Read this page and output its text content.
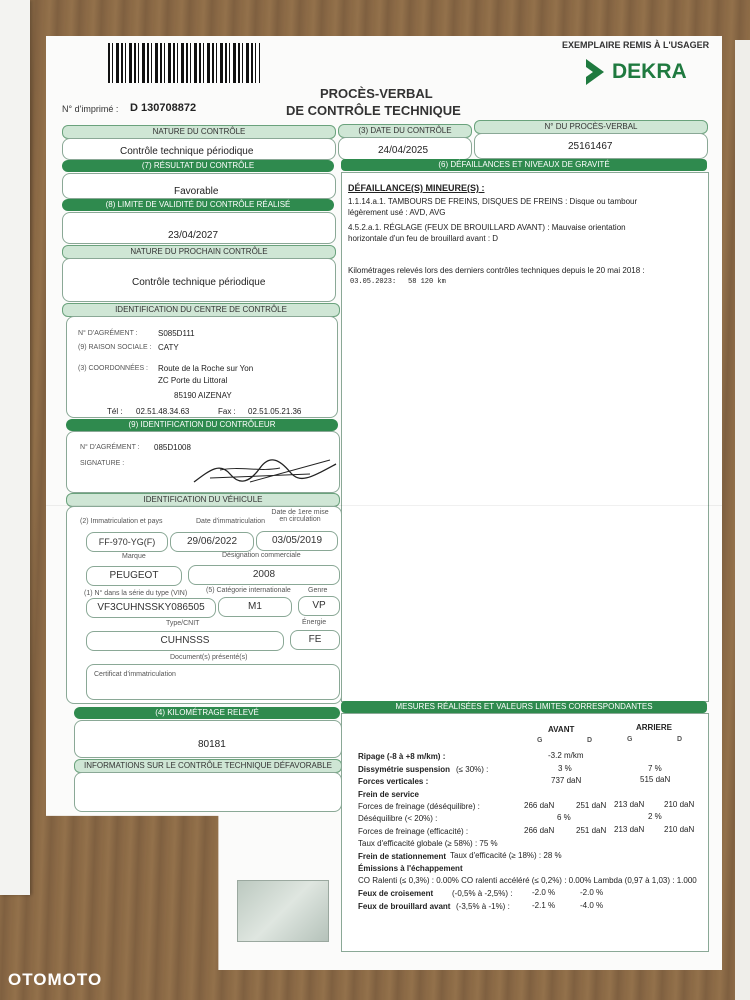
EXEMPLAIRE REMIS À L'USAGER
DEKRA
PROCÈS-VERBAL
DE CONTRÔLE TECHNIQUE
N° d'imprimé : D 130708872
NATURE DU CONTRÔLE
Contrôle technique périodique
(3) DATE DU CONTRÔLE
24/04/2025
N° DU PROCÈS-VERBAL
25161467
(7) RÉSULTAT DU CONTRÔLE
Favorable
(8) LIMITE DE VALIDITÉ DU CONTRÔLE RÉALISÉ
23/04/2027
NATURE DU PROCHAIN CONTRÔLE
Contrôle technique périodique
IDENTIFICATION DU CENTRE DE CONTRÔLE
N° D'AGRÉMENT :	S085D111
(9) RAISON SOCIALE : CATY
(3) COORDONNÉES : Route de la Roche sur Yon
ZC Porte du Littoral
85190 AIZENAY
Tél : 02.51.48.34.63	Fax : 02.51.05.21.36
(9) IDENTIFICATION DU CONTRÔLEUR
N° D'AGRÉMENT : 085D1008
SIGNATURE :
IDENTIFICATION DU VÉHICULE
(2) Immatriculation et pays	Date d'immatriculation
Date de 1ere mise en circulation
FF-970-YG(F)	29/06/2022	03/05/2019
Marque	Désignation commerciale
PEUGEOT	2008
(1) N° dans la série du type (VIN)	(5) Catégorie internationale Genre
VF3CUHNSSKY086505	M1	VP
Type/CNIT	Énergie
CUHNSSS	FE
Document(s) présenté(s)
Certificat d'immatriculation
(4) KILOMÉTRAGE RELEVÉ
80181
INFORMATIONS SUR LE CONTRÔLE TECHNIQUE DÉFAVORABLE
(6) DÉFAILLANCES ET NIVEAUX DE GRAVITÉ
DÉFAILLANCE(S) MINEURE(S) :
1.1.14.a.1. TAMBOURS DE FREINS, DISQUES DE FREINS : Disque ou tambour
légèrement usé : AVD, AVG
4.5.2.a.1. RÉGLAGE (FEUX DE BROUILLARD AVANT) : Mauvaise orientation
horizontale d'un feu de brouillard avant : D
Kilométrages relevés lors des derniers contrôles techniques depuis le 20 mai 2018 :
03.05.2023: 58 120 km
MESURES RÉALISÉES ET VALEURS LIMITES CORRESPONDANTES
AVANT	ARRIERE
G	D	G	D
Ripage (-8 à +8 m/km) :	-3.2 m/km
Dissymétrie suspension (≤ 30%) :	3 %	7 %
Forces verticales :	737 daN	515 daN
Frein de service
Forces de freinage (déséquilibre) :	266 daN	251 daN 213 daN 210 daN
Déséquilibre (< 20%) :	6 %	2 %
Forces de freinage (efficacité) :	266 daN	251 daN 213 daN 210 daN
Taux d'efficacité globale (≥ 58%) : 75 %
Frein de stationnement Taux d'efficacité (≥ 18%) : 28 %
Émissions à l'échappement
CO Ralenti (≤ 0,3%) : 0.00% CO ralenti accéléré (≤ 0,2%) : 0.00% Lambda (0,97 à 1,03) : 1.000
Feux de croisement (-0,5% à -2,5%) : -2.0 %	-2.0 %
Feux de brouillard avant (-3,5% à -1%) :	-2.1 %	-4.0 %
OTOMOTO
